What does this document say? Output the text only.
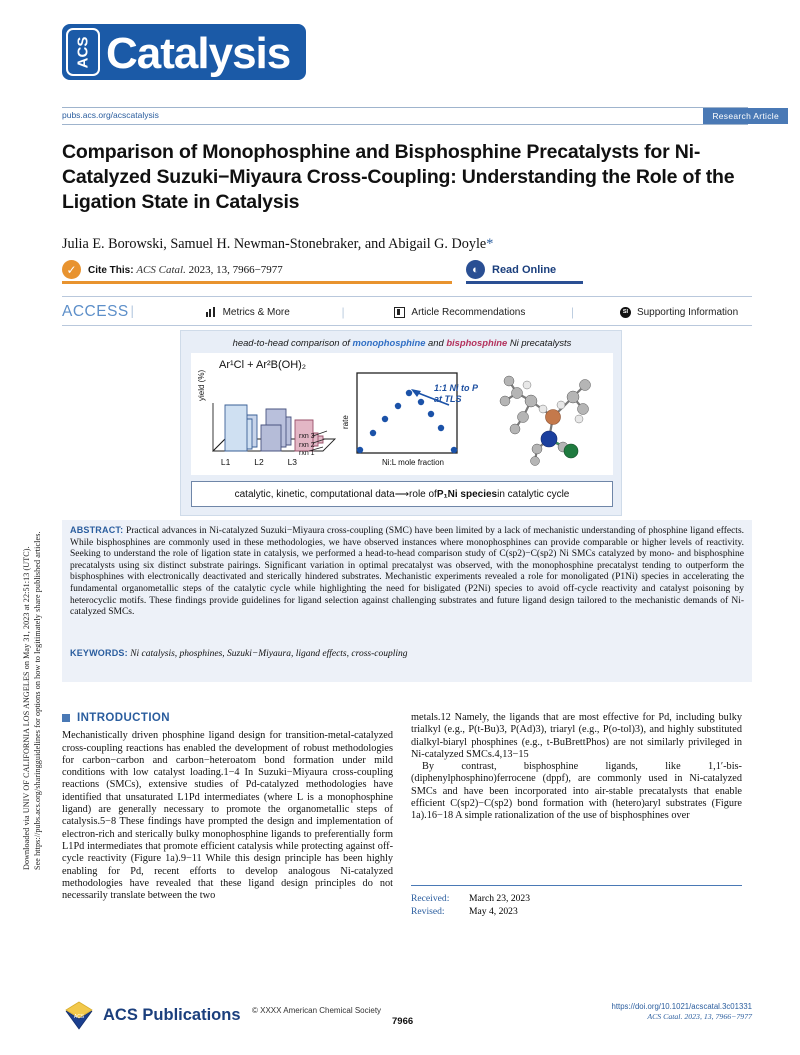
Downloaded via UNIV OF CALIFORNIA LOS ANGELES on May 31, 2023 at 22:51:13 (UTC). See https://pubs.acs.org/sharingguidelines for options on how to legitimately share published articles.
ACS Catalysis
pubs.acs.org/acscatalysis	Research Article
Comparison of Monophosphine and Bisphosphine Precatalysts for Ni-Catalyzed Suzuki−Miyaura Cross-Coupling: Understanding the Role of the Ligation State in Catalysis
Julia E. Borowski, Samuel H. Newman-Stonebraker, and Abigail G. Doyle*
✓	Cite This: ACS Catal. 2023, 13, 7966−7977	◐	Read Online
ACCESS |	Metrics & More	|	Article Recommendations	|	SI Supporting Information
head-to-head comparison of monophosphine and bisphosphine Ni precatalysts
Ar¹Cl + Ar²B(OH)₂
yield (%)
rxn 3
rxn 2
rxn 1
L1	L2	L3
rate
Ni:L mole fraction
1:1 Ni to P
at TLS
catalytic, kinetic, computational data ⟶ role of P₁Ni species in catalytic cycle
ABSTRACT: Practical advances in Ni-catalyzed Suzuki−Miyaura cross-coupling (SMC) have been limited by a lack of mechanistic understanding of phosphine ligand effects. While bisphosphines are commonly used in these methodologies, we have observed instances where monophosphines can provide comparable or higher levels of reactivity. Seeking to understand the role of ligation state in catalysis, we performed a head-to-head comparison study of C(sp2)−C(sp2) Ni SMCs catalyzed by mono- and bisphosphine precatalysts using six distinct substrate pairings. Significant variation in optimal precatalyst was observed, with the monophosphine precatalyst tending to outperform the bisphosphines with electronically deactivated and sterically hindered substrates. Mechanistic experiments revealed a role for monoligated (P1Ni) species in accelerating the fundamental organometallic steps of the catalytic cycle while highlighting the need for bisligated (P2Ni) species to avoid off-cycle reactivity and catalyst poisoning by heterocyclic motifs. These findings provide guidelines for ligand selection against challenging substrates and future ligand design tailored to the mechanistic demands of Ni-catalyzed SMCs.
KEYWORDS: Ni catalysis, phosphines, Suzuki−Miyaura, ligand effects, cross-coupling
INTRODUCTION

Mechanistically driven phosphine ligand design for transition-metal-catalyzed cross-coupling reactions has enabled the development of robust methodologies for carbon−carbon and carbon−heteroatom bond formation under mild conditions with low catalyst loading.1−4 In Suzuki−Miyaura cross-coupling reactions (SMCs), extensive studies of Pd-catalyzed methodologies have identified that unsaturated L1Pd intermediates (where L is a monophosphine ligand) are generally necessary to promote the organometallic steps of catalysis.5−8 These findings have prompted the design and implementation of electron-rich and sterically bulky monophosphine ligands to preferentially form L1Pd intermediates that promote efficient catalysis while protecting against off-cycle reactivity (Figure 1a).9−11 While this design principle has been highly enabling for Pd, recent efforts to develop analogous Ni-catalyzed methodologies have revealed that these ligand design principles do not necessarily translate between the two

metals.12 Namely, the ligands that are most effective for Pd, including bulky trialkyl (e.g., P(t-Bu)3, P(Ad)3), triaryl (e.g., P(o-tol)3), and highly substituted dialkyl-biaryl phosphines (e.g., t-BuBrettPhos) are not similarly privileged in Ni-catalyzed SMCs.4,13−15

By contrast, bisphosphine ligands, like 1,1′-bis-(diphenylphosphino)ferrocene (dppf), are commonly used in Ni-catalyzed SMCs and have been incorporated into air-stable precatalysts that enable efficient C(sp2)−C(sp2) bond formation with (hetero)aryl substrates (Figure 1a).16−18 A simple rationalization of the use of bisphosphines over

Received: March 23, 2023
Revised:	May 4, 2023
ACS ACS Publications © XXXX American Chemical Society
7966
https://doi.org/10.1021/acscatal.3c01331
ACS Catal. 2023, 13, 7966−7977
